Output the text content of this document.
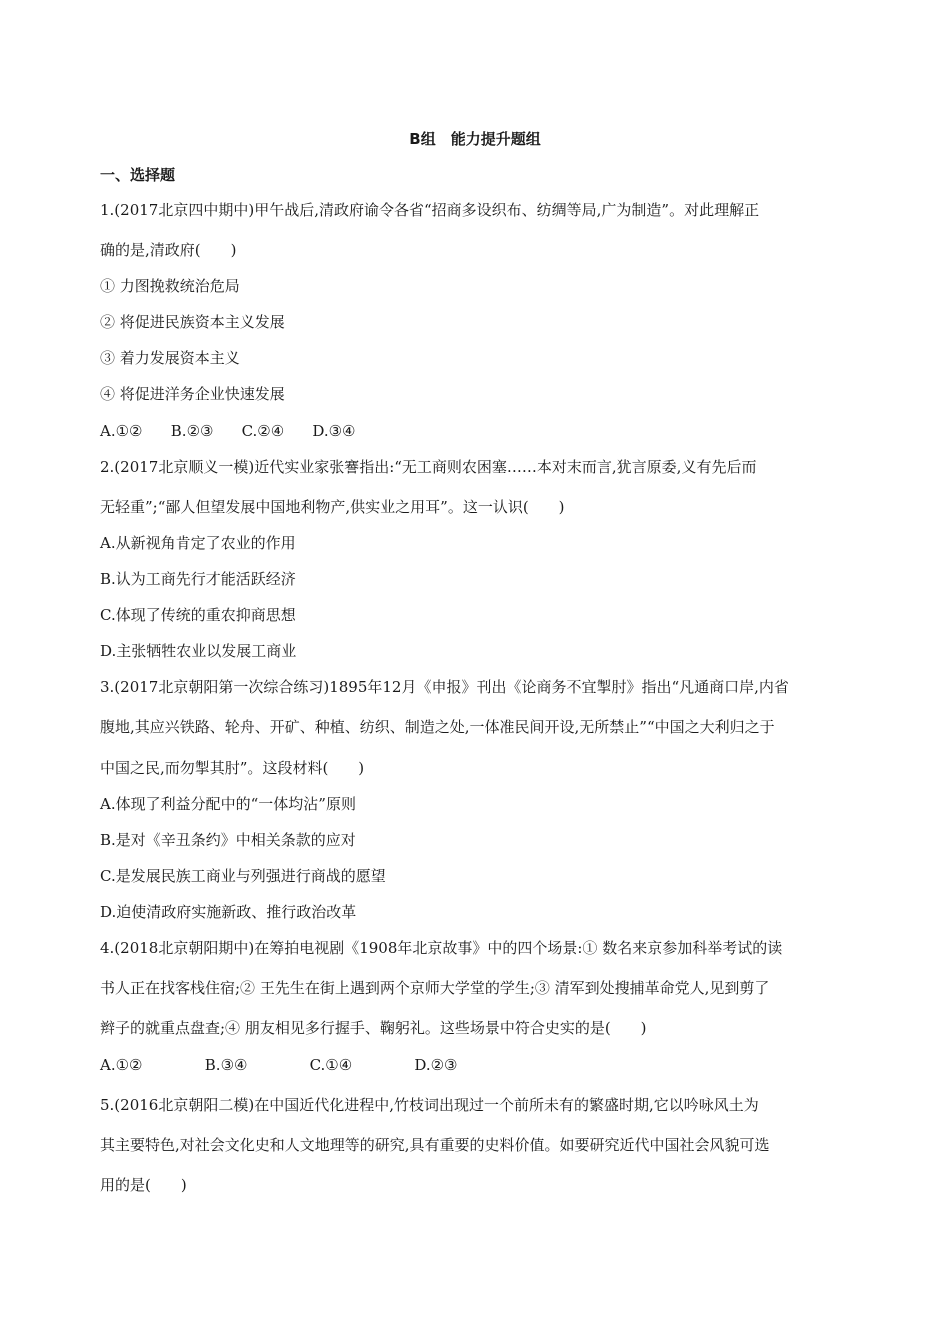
B组　能力提升题组
一、选择题
1.(2017北京四中期中)甲午战后,清政府谕令各省“招商多设织布、纺绸等局,广为制造”。对此理解正
确的是,清政府(　　)
① 力图挽救统治危局
② 将促进民族资本主义发展
③ 着力发展资本主义
④ 将促进洋务企业快速发展
A.①② B.②③ C.②④ D.③④
2.(2017北京顺义一模)近代实业家张謇指出:“无工商则农困塞……本对末而言,犹言原委,义有先后而
无轻重”;“鄙人但望发展中国地利物产,供实业之用耳”。这一认识(　　)
A.从新视角肯定了农业的作用
B.认为工商先行才能活跃经济
C.体现了传统的重农抑商思想
D.主张牺牲农业以发展工商业
3.(2017北京朝阳第一次综合练习)1895年12月《申报》刊出《论商务不宜掣肘》指出“凡通商口岸,内省
腹地,其应兴铁路、轮舟、开矿、种植、纺织、制造之处,一体准民间开设,无所禁止”“中国之大利归之于
中国之民,而勿掣其肘”。这段材料(　　)
A.体现了利益分配中的“一体均沾”原则
B.是对《辛丑条约》中相关条款的应对
C.是发展民族工商业与列强进行商战的愿望
D.迫使清政府实施新政、推行政治改革
4.(2018北京朝阳期中)在筹拍电视剧《1908年北京故事》中的四个场景:① 数名来京参加科举考试的读
书人正在找客栈住宿;② 王先生在街上遇到两个京师大学堂的学生;③ 清军到处搜捕革命党人,见到剪了
辫子的就重点盘查;④ 朋友相见多行握手、鞠躬礼。这些场景中符合史实的是(　　)
A.①②	B.③④	C.①④	D.②③
5.(2016北京朝阳二模)在中国近代化进程中,竹枝词出现过一个前所未有的繁盛时期,它以吟咏风土为
其主要特色,对社会文化史和人文地理等的研究,具有重要的史料价值。如要研究近代中国社会风貌可选
用的是(　　)
